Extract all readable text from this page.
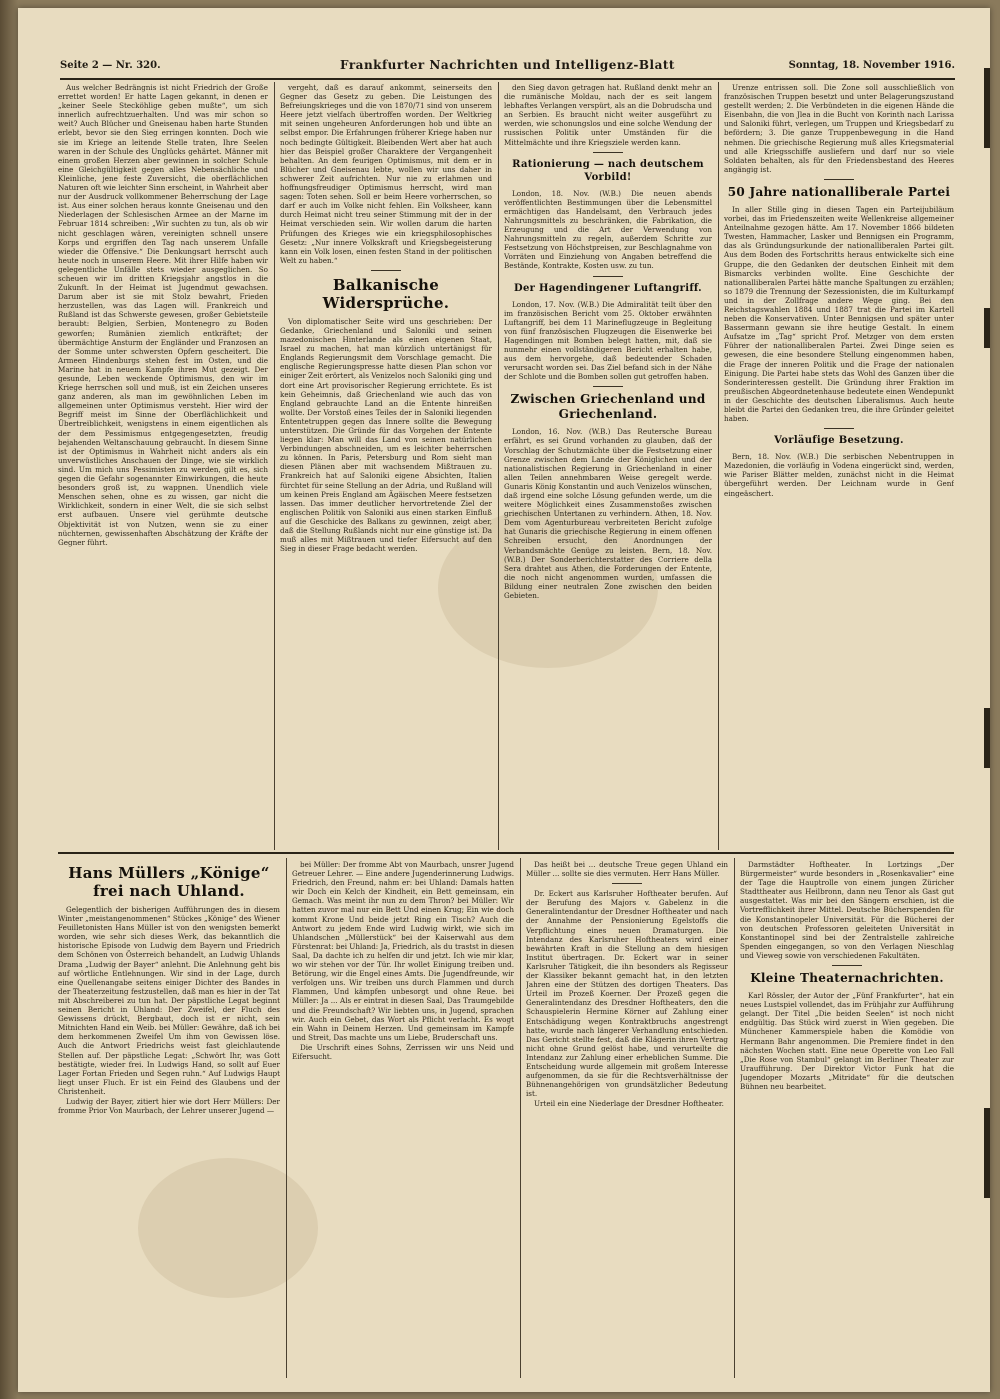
Seite 2 — Nr. 320.	Frankfurter Nachrichten und Intelligenz-Blatt	Sonntag, 18. November 1916.

Aus welcher Bedrängnis ist nicht Friedrich der Große errettet worden! Er hatte Lagen gekannt, in denen er „keiner Seele Stecköhlige geben mußte“, um sich innerlich aufrechtzuerhalten. Und was mir schon so weit? Auch Blücher und Gneisenau haben harte Stunden erlebt, bevor sie den Sieg erringen konnten. Doch wie sie im Kriege an leitende Stelle traten, Ihre Seelen waren in der Schule des Unglücks gehärtet. Männer mit einem großen Herzen aber gewinnen in solcher Schule eine Gleichgültigkeit gegen alles Nebensächliche und Kleinliche, jene feste Zuversicht, die oberflächlichen Naturen oft wie leichter Sinn erscheint, in Wahrheit aber nur der Ausdruck vollkommener Beherrschung der Lage ist. Aus einer solchen heraus konnte Gneisenau und den Niederlagen der Schlesischen Armee an der Marne im Februar 1814 schreiben: „Wir suchten zu tun, als ob wir nicht geschlagen wären, vereinigten schnell unsere Korps und ergriffen den Tag nach unserem Unfalle wieder die Offensive.“ Die Denkungsart herrscht auch heute noch in unserem Heere. Mit ihrer Hilfe haben wir gelegentliche Unfälle stets wieder ausgeglichen. So scheuen wir im dritten Kriegsjahr angstlos in die Zukunft. In der Heimat ist Jugendmut gewachsen. Darum aber ist sie mit Stolz bewahrt, Frieden herzustellen, was das Lagen will. Frankreich und Rußland ist das Schwerste gewesen, großer Gebietsteile beraubt: Belgien, Serbien, Montenegro zu Boden geworfen; Rumänien ziemlich entkräftet; der übermächtige Ansturm der Engländer und Franzosen an der Somme unter schwersten Opfern gescheitert. Die Armeen Hindenburgs stehen fest im Osten, und die Marine hat in neuem Kampfe ihren Mut gezeigt. Der gesunde, Leben weckende Optimismus, den wir im Kriege herrschen soll und muß, ist ein Zeichen unseres ganz anderen, als man im gewöhnlichen Leben im allgemeinen unter Optimismus versteht. Hier wird der Begriff meist im Sinne der Oberflächlichkeit und Übertreiblichkeit, wenigstens in einem eigentlichen als der dem Pessimismus entgegengesetzten, freudig bejahenden Weltanschauung gebraucht. In diesem Sinne ist der Optimismus in Wahrheit nicht anders als ein unverwüstliches Anschauen der Dinge, wie sie wirklich sind. Um mich uns Pessimisten zu werden, gilt es, sich gegen die Gefahr sogenannter Einwirkungen, die heute besonders groß ist, zu wappnen. Unendlich viele Menschen sehen, ohne es zu wissen, gar nicht die Wirklichkeit, sondern in einer Welt, die sie sich selbst erst aufbauen. Unsere viel gerühmte deutsche Objektivität ist von Nutzen, wenn sie zu einer nüchternen, gewissenhaften Abschätzung der Kräfte der Gegner führt.

vergeht, daß es darauf ankommt, seinerseits den Gegner das Gesetz zu geben. Die Leistungen des Befreiungskrieges und die von 1870/71 sind von unserem Heere jetzt vielfach übertroffen worden. Der Weltkrieg mit seinen ungeheuren Anforderungen hob und übte an selbst empor. Die Erfahrungen früherer Kriege haben nur noch bedingte Gültigkeit. Bleibenden Wert aber hat auch hier das Beispiel großer Charaktere der Vergangenheit behalten. An dem feurigen Optimismus, mit dem er in Blücher und Gneisenau lebte, wollen wir uns daher in schwerer Zeit aufrichten. Nur nie zu erlahmen und hoffnungsfreudiger Optimismus herrscht, wird man sagen: Toten sehen. Soll er beim Heere vorherrschen, so darf er auch im Volke nicht fehlen. Ein Volksheer, kann durch Heimat nicht treu seiner Stimmung mit der in der Heimat verschieden sein. Wir wollen darum die harten Prüfungen des Krieges wie ein kriegsphilosophisches Gesetz: „Nur innere Volkskraft und Kriegsbegeisterung kann ein Volk losen, einen festen Stand in der politischen Welt zu haben.“

Balkanische Widersprüche.

Von diplomatischer Seite wird uns geschrieben: Der Gedanke, Griechenland und Saloniki und seinen mazedonischen Hinterlande als einen eigenen Staat, Israel zu machen, hat man kürzlich untertänigst für Englands Regierungsmit dem Vorschlage gemacht. Die englische Regierungspresse hatte diesen Plan schon vor einiger Zeit erörtert, als Venizelos noch Saloniki ging und dort eine Art provisorischer Regierung errichtete. Es ist kein Geheimnis, daß Griechenland wie auch das von England gebrauchte Land an die Entente hinreißen wollte. Der Vorstoß eines Teiles der in Saloniki liegenden Ententetruppen gegen das Innere sollte die Bewegung unterstützen. Die Gründe für das Vorgehen der Entente liegen klar: Man will das Land von seinen natürlichen Verbindungen abschneiden, um es leichter beherrschen zu können. In Paris, Petersburg und Rom sieht man diesen Plänen aber mit wachsendem Mißtrauen zu. Frankreich hat auf Saloniki eigene Absichten, Italien fürchtet für seine Stellung an der Adria, und Rußland will um keinen Preis England am Ägäischen Meere festsetzen lassen. Das immer deutlicher hervortretende Ziel der englischen Politik von Saloniki aus einen starken Einfluß auf die Geschicke des Balkans zu gewinnen, zeigt aber, daß die Stellung Rußlands nicht nur eine günstige ist. Da muß alles mit Mißtrauen und tiefer Eifersucht auf den Sieg in dieser Frage bedacht werden.

den Sieg davon getragen hat. Rußland denkt mehr an die rumänische Moldau, nach der es seit langem lebhaftes Verlangen verspürt, als an die Dobrudscha und an Serbien. Es braucht nicht weiter ausgeführt zu werden, wie schonungslos und eine solche Wendung der russischen Politik unter Umständen für die Mittelmächte und ihre Kriegsziele werden kann.

Rationierung — nach deutschem Vorbild!

London, 18. Nov. (W.B.) Die neuen abends veröffentlichten Bestimmungen über die Lebensmittel ermächtigen das Handelsamt, den Verbrauch jedes Nahrungsmittels zu beschränken, die Fabrikation, die Erzeugung und die Art der Verwendung von Nahrungsmitteln zu regeln, außerdem Schritte zur Festsetzung von Höchstpreisen, zur Beschlagnahme von Vorräten und Einziehung von Angaben betreffend die Bestände, Kontrakte, Kosten usw. zu tun.

Der Hagendingener Luftangriff.

London, 17. Nov. (W.B.) Die Admiralität teilt über den im französischen Bericht vom 25. Oktober erwähnten Luftangriff, bei dem 11 Marineflugzeuge in Begleitung von fünf französischen Flugzeugen die Eisenwerke bei Hagendingen mit Bomben belegt hatten, mit, daß sie nunmehr einen vollständigeren Bericht erhalten habe, aus dem hervorgehe, daß bedeutender Schaden verursacht worden sei. Das Ziel befand sich in der Nähe der Schlote und die Bomben sollen gut getroffen haben.

Zwischen Griechenland und Griechenland.

London, 16. Nov. (W.B.) Das Reutersche Bureau erfährt, es sei Grund vorhanden zu glauben, daß der Vorschlag der Schutzmächte über die Festsetzung einer Grenze zwischen dem Lande der Königlichen und der nationalistischen Regierung in Griechenland in einer allen Teilen annehmbaren Weise geregelt werde. Gunaris König Konstantin und auch Venizelos wünschen, daß irgend eine solche Lösung gefunden werde, um die weitere Möglichkeit eines Zusammenstoßes zwischen griechischen Untertanen zu verhindern. Athen, 18. Nov. Dem vom Agenturbureau verbreiteten Bericht zufolge hat Gunaris die griechische Regierung in einem offenen Schreiben ersucht, den Anordnungen der Verbandsmächte Genüge zu leisten. Bern, 18. Nov. (W.B.) Der Sonderberichterstatter des Corriere della Sera drahtet aus Athen, die Forderungen der Entente, die noch nicht angenommen wurden, umfassen die Bildung einer neutralen Zone zwischen den beiden Gebieten.

Urenze entrissen soll. Die Zone soll ausschließlich von französischen Truppen besetzt und unter Belagerungszustand gestellt werden; 2. Die Verbündeten in die eigenen Hände die Eisenbahn, die von Jlea in die Bucht von Korinth nach Larissa und Saloniki führt, verlegen, um Truppen und Kriegsbedarf zu befördern; 3. Die ganze Truppenbewegung in die Hand nehmen. Die griechische Regierung muß alles Kriegsmaterial und alle Kriegsschiffe ausliefern und darf nur so viele Soldaten behalten, als für den Friedensbestand des Heeres angängig ist.

50 Jahre nationalliberale Partei

In aller Stille ging in diesen Tagen ein Parteijubiläum vorbei, das im Friedenszeiten weite Wellenkreise allgemeiner Anteilnahme gezogen hätte. Am 17. November 1866 bildeten Twesten, Hammacher, Lasker und Bennigsen ein Programm, das als Gründungsurkunde der nationalliberalen Partei gilt. Aus dem Boden des Fortschritts heraus entwickelte sich eine Gruppe, die den Gedanken der deutschen Einheit mit dem Bismarcks verbinden wollte. Eine Geschichte der nationalliberalen Partei hätte manche Spaltungen zu erzählen; so 1879 die Trennung der Sezessionisten, die im Kulturkampf und in der Zollfrage andere Wege ging. Bei den Reichstagswahlen 1884 und 1887 trat die Partei im Kartell neben die Konservativen. Unter Bennigsen und später unter Bassermann gewann sie ihre heutige Gestalt. In einem Aufsatze im „Tag“ spricht Prof. Metzger von dem ersten Führer der nationalliberalen Partei. Zwei Dinge seien es gewesen, die eine besondere Stellung eingenommen haben, die Frage der inneren Politik und die Frage der nationalen Einigung. Die Partei habe stets das Wohl des Ganzen über die Sonderinteressen gestellt. Die Gründung ihrer Fraktion im preußischen Abgeordnetenhause bedeutete einen Wendepunkt in der Geschichte des deutschen Liberalismus. Auch heute bleibt die Partei den Gedanken treu, die ihre Gründer geleitet haben.

Vorläufige Besetzung.

Bern, 18. Nov. (W.B.) Die serbischen Nebentruppen in Mazedonien, die vorläufig in Vodena eingerückt sind, werden, wie Pariser Blätter melden, zunächst nicht in die Heimat übergeführt werden. Der Leichnam wurde in Genf eingeäschert.

Hans Müllers „Könige“ frei nach Uhland.

Gelegentlich der bisherigen Aufführungen des in diesem Winter „meistangenommenen“ Stückes „Könige“ des Wiener Feuilletonisten Hans Müller ist von den wenigsten bemerkt worden, wie sehr sich dieses Werk, das bekanntlich die historische Episode von Ludwig dem Bayern und Friedrich dem Schönen von Österreich behandelt, an Ludwig Uhlands Drama „Ludwig der Bayer“ anlehnt. Die Anlehnung geht bis auf wörtliche Entlehnungen. Wir sind in der Lage, durch eine Quellenangabe seitens einiger Dichter des Bandes in der Theaterzeitung festzustellen, daß man es hier in der Tat mit Abschreiberei zu tun hat. Der päpstliche Legat beginnt seinen Bericht in Uhland: Der Zweifel, der Fluch des Gewissens drückt, Bergbaut, doch ist er nicht, sein Mitnichten Hand ein Weib. bei Müller: Gewähre, daß ich bei dem herkommenen Zweifel Um ihm von Gewissen löse. Auch die Antwort Friedrichs weist fast gleichlautende Stellen auf. Der päpstliche Legat: „Schwört Ihr, was Gott bestätigte, wieder frei. In Ludwigs Hand, so sollt auf Euer Lager Fortan Frieden und Segen ruhn.“ Auf Ludwigs Haupt liegt unser Fluch. Er ist ein Feind des Glaubens und der Christenheit.

Ludwig der Bayer, zitiert hier wie dort Herr Müllers: Der fromme Prior Von Maurbach, der Lehrer unserer Jugend —

bei Müller: Der fromme Abt von Maurbach, unsrer Jugend Getreuer Lehrer. — Eine andere Jugenderinnerung Ludwigs. Friedrich, den Freund, nahm er: bei Uhland: Damals hatten wir Doch ein Kelch der Kindheit, ein Bett gemeinsam, ein Gemach. Was meint ihr nun zu dem Thron? bei Müller: Wir hatten zuvor mal nur ein Bett Und einen Krug; Ein wie doch kommt Krone Und beide jetzt Ring ein Tisch? Auch die Antwort zu jedem Ende wird Ludwig wirkt, wie sich im Uhlandschen „Müllerstück“ bei der Kaiserwahl aus dem Fürstenrat: bei Uhland: Ja, Friedrich, als du trastst in diesen Saal, Da dachte ich zu helfen dir und jetzt. Ich wie mir klar, wo wir stehen vor der Tür. Ihr wollet Einigung treiben und. Betörung, wir die Engel eines Amts. Die Jugendfreunde, wir verfolgen uns. Wir treiben uns durch Flammen und durch Flammen, Und kämpfen unbesorgt und ohne Reue. bei Müller: Ja ... Als er eintrat in diesen Saal, Das Traumgebilde und die Freundschaft? Wir liebten uns, in Jugend, sprachen wir. Auch ein Gebet, das Wort als Pflicht verlacht. Es wogt ein Wahn in Deinem Herzen. Und gemeinsam im Kampfe und Streit, Das machte uns um Liebe, Bruderschaft uns.

Die Urschrift eines Sohns, Zerrissen wir uns Neid und Eifersucht.

Das heißt bei ... deutsche Treue gegen Uhland ein Müller ... sollte sie dies vermuten. Herr Hans Müller.

Dr. Eckert aus Karlsruher Hoftheater berufen. Auf der Berufung des Majors v. Gabelenz in die Generalintendantur der Dresdner Hoftheater und nach der Annahme der Pensionierung Egelstoffs die Verpflichtung eines neuen Dramaturgen. Die Intendanz des Karlsruher Hoftheaters wird einer bewährten Kraft in die Stellung an dem hiesigen Institut übertragen. Dr. Eckert war in seiner Karlsruher Tätigkeit, die ihn besonders als Regisseur der Klassiker bekannt gemacht hat, in den letzten Jahren eine der Stützen des dortigen Theaters. Das Urteil im Prozeß Koerner. Der Prozeß gegen die Generalintendanz des Dresdner Hoftheaters, den die Schauspielerin Hermine Körner auf Zahlung einer Entschädigung wegen Kontraktbruchs angestrengt hatte, wurde nach längerer Verhandlung entschieden. Das Gericht stellte fest, daß die Klägerin ihren Vertrag nicht ohne Grund gelöst habe, und verurteilte die Intendanz zur Zahlung einer erheblichen Summe. Die Entscheidung wurde allgemein mit großem Interesse aufgenommen, da sie für die Rechtsverhältnisse der Bühnenangehörigen von grundsätzlicher Bedeutung ist.

Urteil ein eine Niederlage der Dresdner Hoftheater.

Darmstädter Hoftheater. In Lortzings „Der Bürgermeister“ wurde besonders in „Rosenkavalier“ eine der Tage die Hauptrolle von einem jungen Züricher Stadttheater aus Heilbronn, dann neu Tenor als Gast gut ausgestattet. Was mir bei den Sängern erschien, ist die Vortrefflichkeit ihrer Mittel. Deutsche Bücherspenden für die Konstantinopeler Universität. Für die Bücherei der von deutschen Professoren geleiteten Universität in Konstantinopel sind bei der Zentralstelle zahlreiche Spenden eingegangen, so von den Verlagen Nieschlag und Vieweg sowie von verschiedenen Fakultäten.

Kleine Theaternachrichten.

Karl Rössler, der Autor der „Fünf Frankfurter“, hat ein neues Lustspiel vollendet, das im Frühjahr zur Aufführung gelangt. Der Titel „Die beiden Seelen“ ist noch nicht endgültig. Das Stück wird zuerst in Wien gegeben. Die Münchener Kammerspiele haben die Komödie von Hermann Bahr angenommen. Die Premiere findet in den nächsten Wochen statt. Eine neue Operette von Leo Fall „Die Rose von Stambul“ gelangt im Berliner Theater zur Uraufführung. Der Direktor Victor Funk hat die Jugendoper Mozarts „Mitridate“ für die deutschen Bühnen neu bearbeitet.
